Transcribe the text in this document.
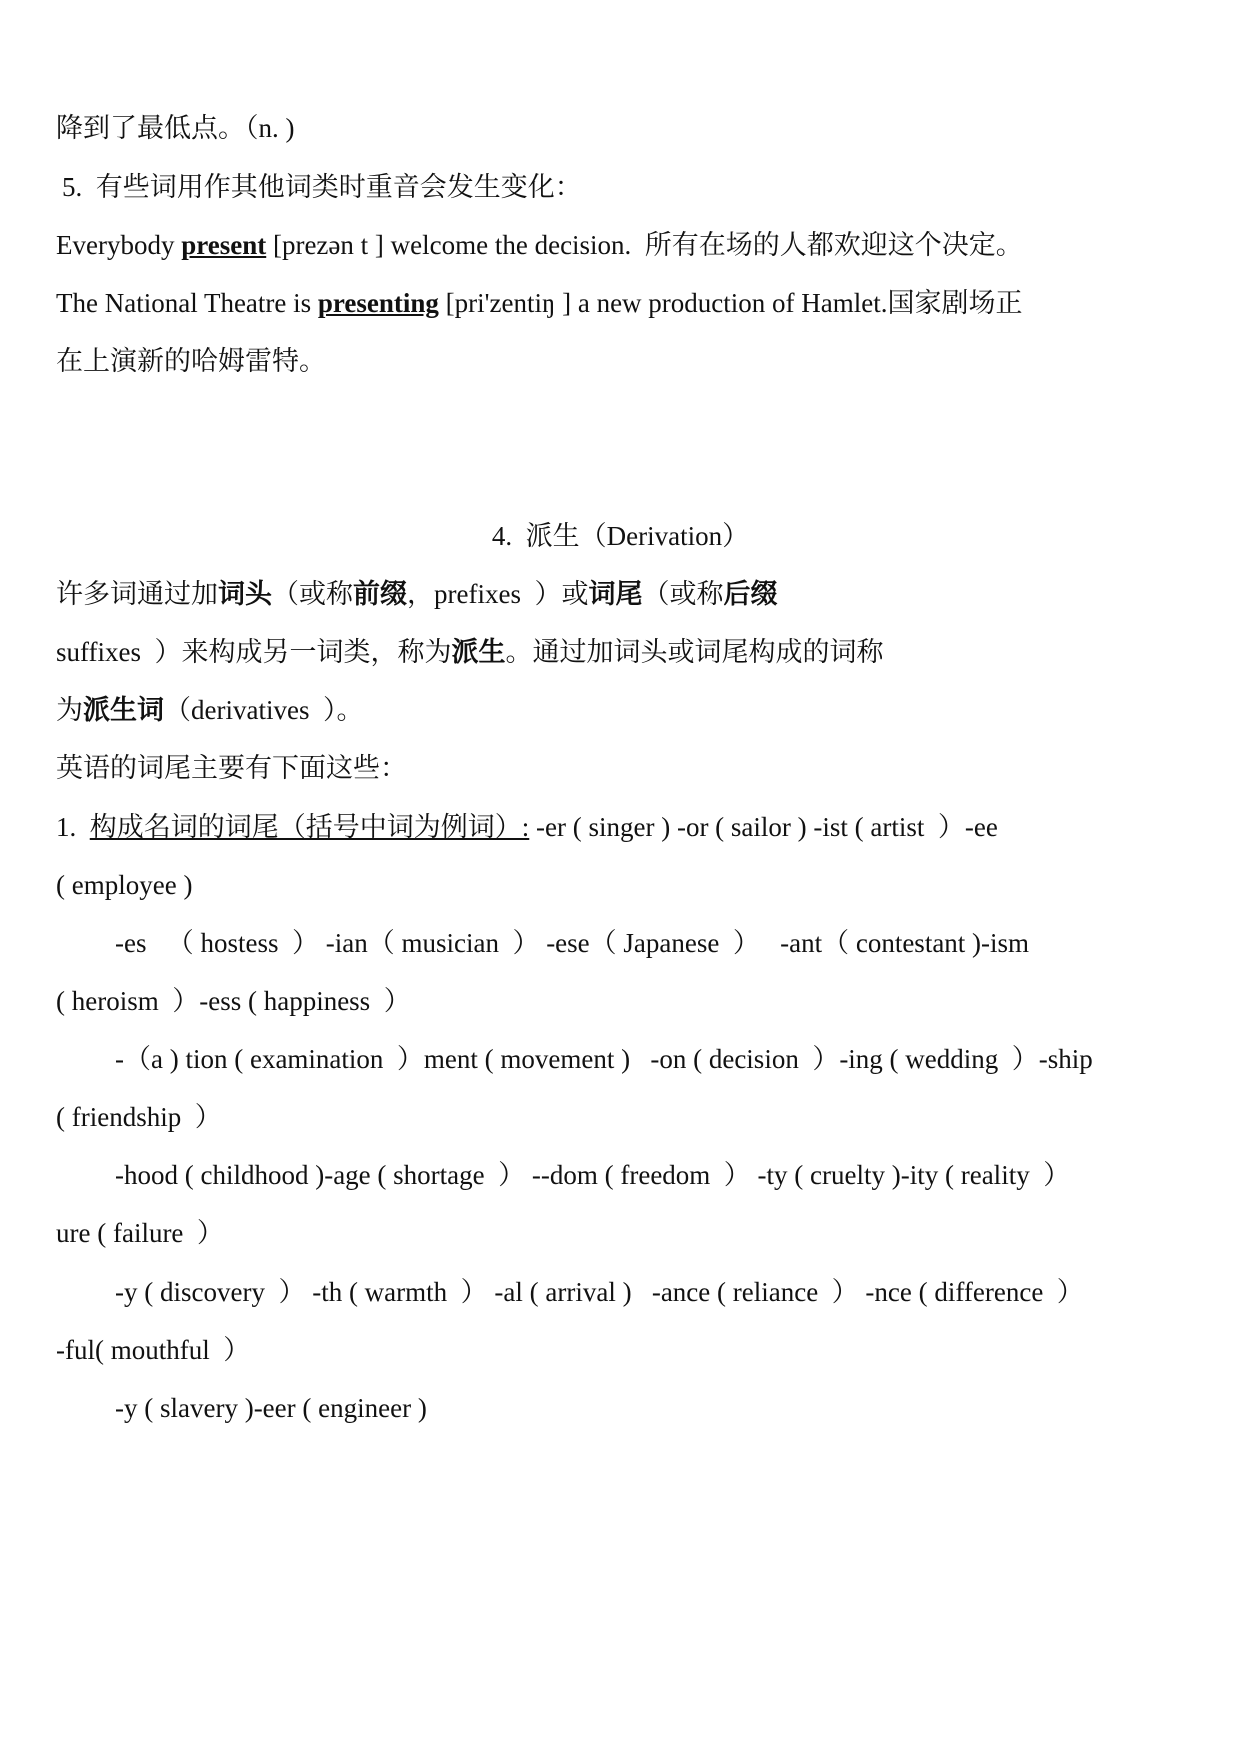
降到了最低点。（n. )
5.  有些词用作其他词类时重音会发生变化：
Everybody present [prezən t ] welcome the decision.  所有在场的人都欢迎这个决定。
The National Theatre is presenting [pri'zentiŋ ] a new production of Hamlet.国家剧场正
在上演新的哈姆雷特。
4.  派生（Derivation）
许多词通过加词头（或称前缀，prefixes  ）或词尾（或称后缀
suffixes  ）来构成另一词类，称为派生。通过加词头或词尾构成的词称
为派生词（derivatives  ）。
英语的词尾主要有下面这些：
1.  构成名词的词尾（括号中词为例词）: -er ( singer ) -or ( sailor ) -ist ( artist  ）-ee
( employee )
-es   （ hostess  ） -ian（ musician  ） -ese（ Japanese  ）   -ant（ contestant )-ism
( heroism  ）-ess ( happiness  ）
-（a ) tion ( examination  ）ment ( movement )   -on ( decision  ）-ing ( wedding  ）-ship
( friendship  ）
-hood ( childhood )-age ( shortage  ） --dom ( freedom  ） -ty ( cruelty )-ity ( reality  ）
ure ( failure  ）
-y ( discovery  ） -th ( warmth  ） -al ( arrival )   -ance ( reliance  ） -nce ( difference  ）
-ful( mouthful  ）
-y ( slavery )-eer ( engineer )
